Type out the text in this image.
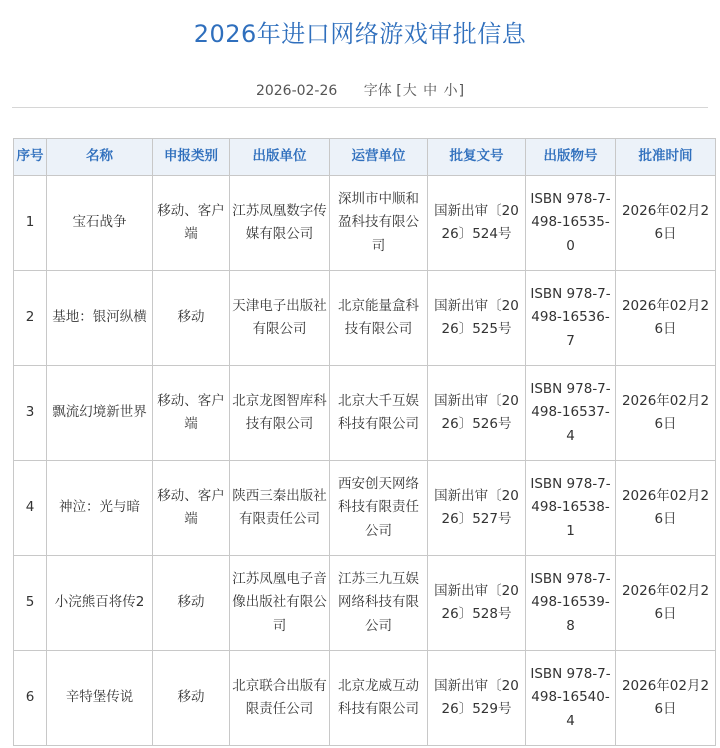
2026年进口网络游戏审批信息
2026-02-26 字体 [大 中 小]
序号	名称	申报类别	出版单位	运营单位	批复文号	出版物号	批准时间
1	宝石战争	移动、客户端	江苏凤凰数字传媒有限公司	深圳市中顺和盈科技有限公司	国新出审〔2026〕524号	ISBN 978-7-498-16535-0	2026年02月26日
2	基地：银河纵横	移动	天津电子出版社有限公司	北京能量盒科技有限公司	国新出审〔2026〕525号	ISBN 978-7-498-16536-7	2026年02月26日
3	飘流幻境新世界	移动、客户端	北京龙图智库科技有限公司	北京大千互娱科技有限公司	国新出审〔2026〕526号	ISBN 978-7-498-16537-4	2026年02月26日
4	神泣：光与暗	移动、客户端	陕西三秦出版社有限责任公司	西安创天网络科技有限责任公司	国新出审〔2026〕527号	ISBN 978-7-498-16538-1	2026年02月26日
5	小浣熊百将传2	移动	江苏凤凰电子音像出版社有限公司	江苏三九互娱网络科技有限公司	国新出审〔2026〕528号	ISBN 978-7-498-16539-8	2026年02月26日
6	辛特堡传说	移动	北京联合出版有限责任公司	北京龙威互动科技有限公司	国新出审〔2026〕529号	ISBN 978-7-498-16540-4	2026年02月26日
